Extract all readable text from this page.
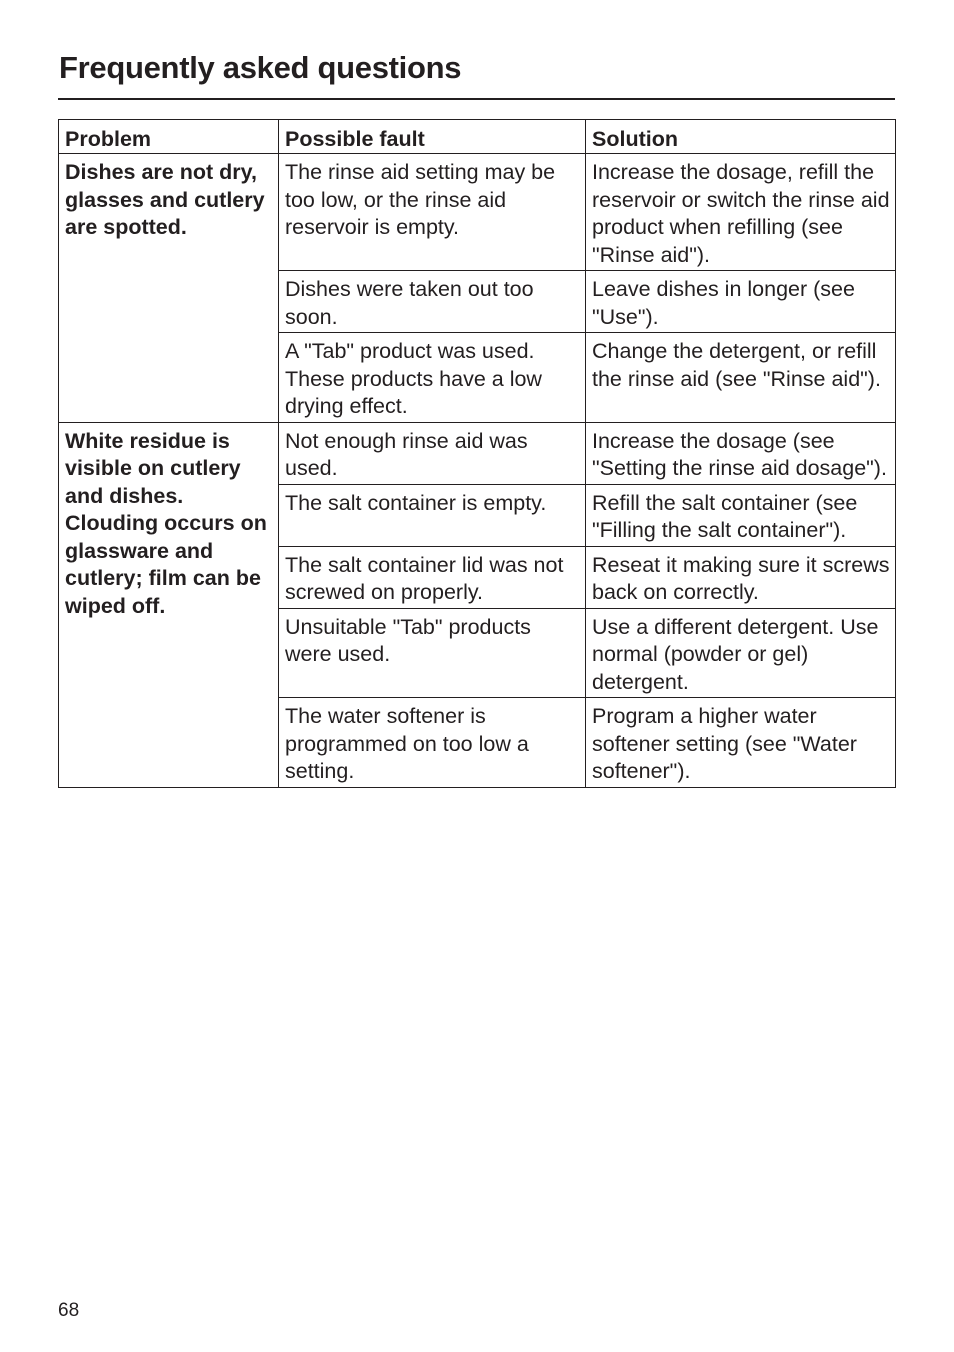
Frequently asked questions
Problem	Possible fault	Solution
Dishes are not dry, glasses and cutlery are spotted.	The rinse aid setting may be too low, or the rinse aid reservoir is empty.	Increase the dosage, refill the reservoir or switch the rinse aid product when refilling (see "Rinse aid").
	Dishes were taken out too soon.	Leave dishes in longer (see "Use").
	A "Tab" product was used. These products have a low drying effect.	Change the detergent, or refill the rinse aid (see "Rinse aid").
White residue is visible on cutlery and dishes. Clouding occurs on glassware and cutlery; film can be wiped off.	Not enough rinse aid was used.	Increase the dosage (see "Setting the rinse aid dosage").
	The salt container is empty.	Refill the salt container (see "Filling the salt container").
	The salt container lid was not screwed on properly.	Reseat it making sure it screws back on correctly.
	Unsuitable "Tab" products were used.	Use a different detergent. Use normal (powder or gel) detergent.
	The water softener is programmed on too low a setting.	Program a higher water softener setting (see "Water softener").
68
